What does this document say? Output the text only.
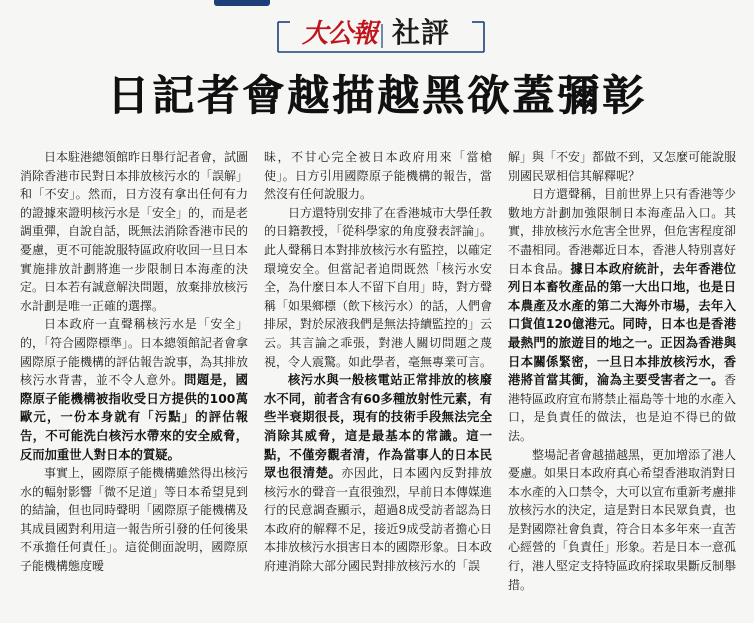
大公報 社評
日記者會越描越黑欲蓋彌彰

日本駐港總領館昨日舉行記者會，試圖消除香港市民對日本排放核污水的「誤解」和「不安」。然而，日方沒有拿出任何有力的證據來證明核污水是「安全」的，而是老調重彈，自說自話，既無法消除香港市民的憂慮，更不可能說服特區政府收回一旦日本實施排放計劃將進一步限制日本海產的決定。日本若有誠意解決問題，放棄排放核污水計劃是唯一正確的選擇。

日本政府一直聲稱核污水是「安全」的，「符合國際標準」。日本總領館記者會拿國際原子能機構的評估報告說事，為其排放核污水背書，並不令人意外。問題是，國際原子能機構被指收受日方提供的100萬歐元，一份本身就有「污點」的評估報告，不可能洗白核污水帶來的安全威脅，反而加重世人對日本的質疑。

事實上，國際原子能機構雖然得出核污水的輻射影響「微不足道」等日本希望見到的結論，但也同時聲明「國際原子能機構及其成員國對利用這一報告所引發的任何後果不承擔任何責任」。這從側面說明，國際原子能機構態度曖

昧，不甘心完全被日本政府用來「當槍使」。日方引用國際原子能機構的報告，當然沒有任何說服力。

日方還特別安排了在香港城市大學任教的日籍教授，「從科學家的角度發表評論」。此人聲稱日本對排放核污水有監控，以確定環境安全。但當記者追問既然「核污水安全，為什麼日本人不留下自用」時，對方聲稱「如果鄉標（飲下核污水）的話，人們會排尿，對於尿液我們是無法持續監控的」云云。其言論之乖張，對港人關切問題之蔑視，令人震驚。如此學者，毫無專業可言。

核污水與一般核電站正常排放的核廢水不同，前者含有60多種放射性元素，有些半衰期很長，現有的技術手段無法完全消除其威脅，這是最基本的常識。這一點，不僅旁觀者清，作為當事人的日本民眾也很清楚。亦因此，日本國內反對排放核污水的聲音一直很強烈，早前日本傳媒進行的民意調查顯示，超過8成受訪者認為日本政府的解釋不足，接近9成受訪者擔心日本排放核污水損害日本的國際形象。日本政府連消除大部分國民對排放核污水的「誤

解」與「不安」都做不到，又怎麼可能說服別國民眾相信其解釋呢？

日方還聲稱，目前世界上只有香港等少數地方計劃加強限制日本海產品入口。其實，排放核污水危害全世界，但危害程度卻不盡相同。香港鄰近日本，香港人特別喜好日本食品。據日本政府統計，去年香港位列日本畜牧產品的第一大出口地，也是日本農產及水產的第二大海外市場，去年入口貨值120億港元。同時，日本也是香港最熱門的旅遊目的地之一。正因為香港與日本關係緊密，一旦日本排放核污水，香港將首當其衝，淪為主要受害者之一。香港特區政府宣布將禁止福島等十地的水產入口，是負責任的做法，也是迫不得已的做法。

整場記者會越描越黑，更加增添了港人憂慮。如果日本政府真心希望香港取消對日本水產的入口禁令，大可以宣布重新考慮排放核污水的決定，這是對日本民眾負責，也是對國際社會負責，符合日本多年來一直苦心經營的「負責任」形象。若是日本一意孤行，港人堅定支持特區政府採取果斷反制舉措。
